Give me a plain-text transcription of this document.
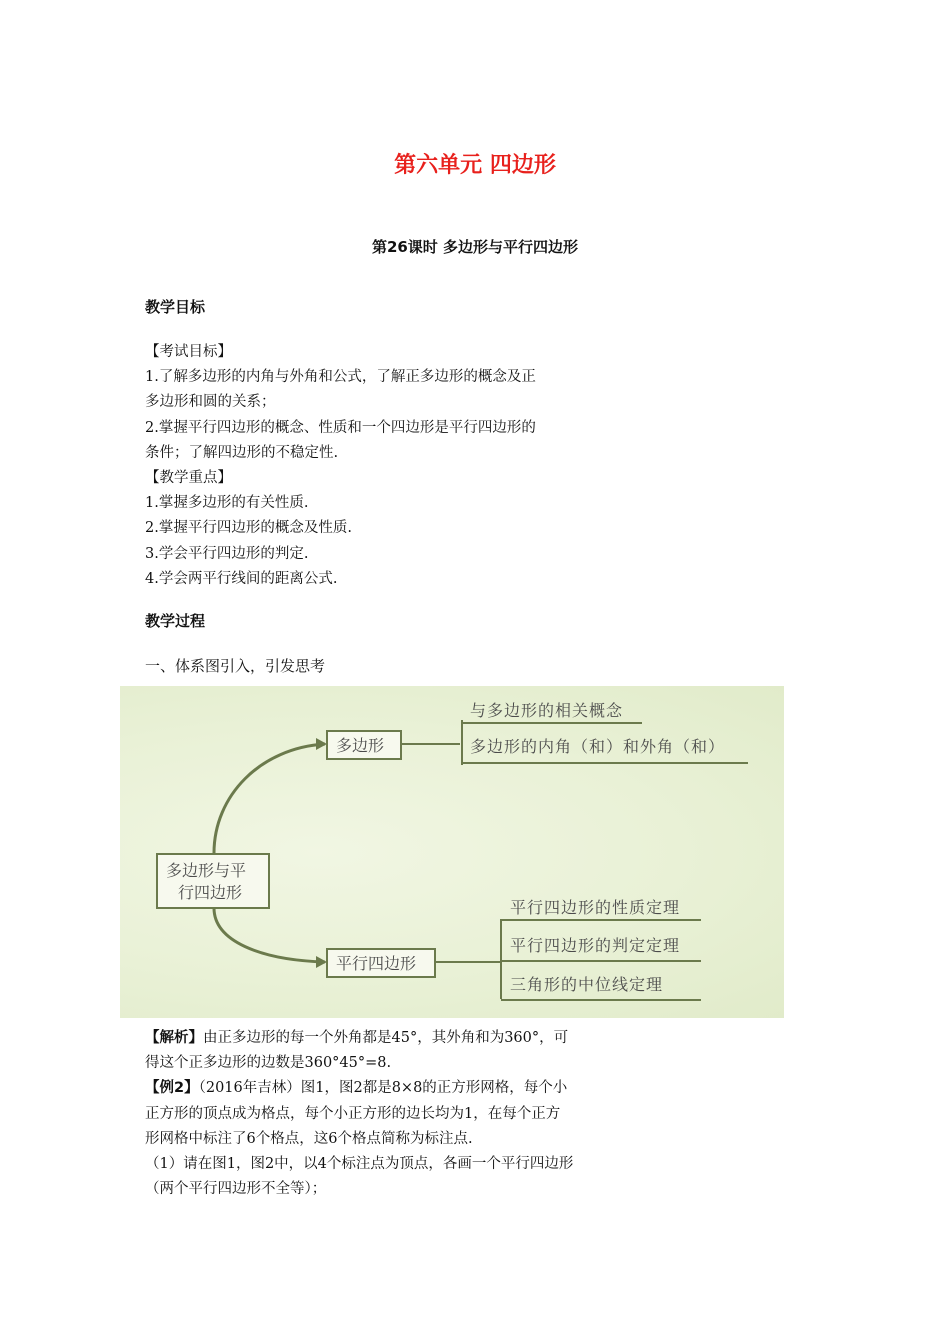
第六单元 四边形
第26课时 多边形与平行四边形
教学目标
【考试目标】
1.了解多边形的内角与外角和公式，了解正多边形的概念及正
多边形和圆的关系；
2.掌握平行四边形的概念、性质和一个四边形是平行四边形的
条件；了解四边形的不稳定性.
【教学重点】
1.掌握多边形的有关性质.
2.掌握平行四边形的概念及性质.
3.学会平行四边形的判定.
4.学会两平行线间的距离公式.
教学过程
一、体系图引入，引发思考
多边形与平
行四边形
多边形
平行四边形
与多边形的相关概念
多边形的内角（和）和外角（和）
平行四边形的性质定理
平行四边形的判定定理
三角形的中位线定理
【解析】由正多边形的每一个外角都是45°，其外角和为360°，可
得这个正多边形的边数是360°45°=8.
【例2】（2016年吉林）图1，图2都是8×8的正方形网格，每个小
正方形的顶点成为格点，每个小正方形的边长均为1，在每个正方
形网格中标注了6个格点，这6个格点简称为标注点.
（1）请在图1，图2中，以4个标注点为顶点，各画一个平行四边形
（两个平行四边形不全等）；
